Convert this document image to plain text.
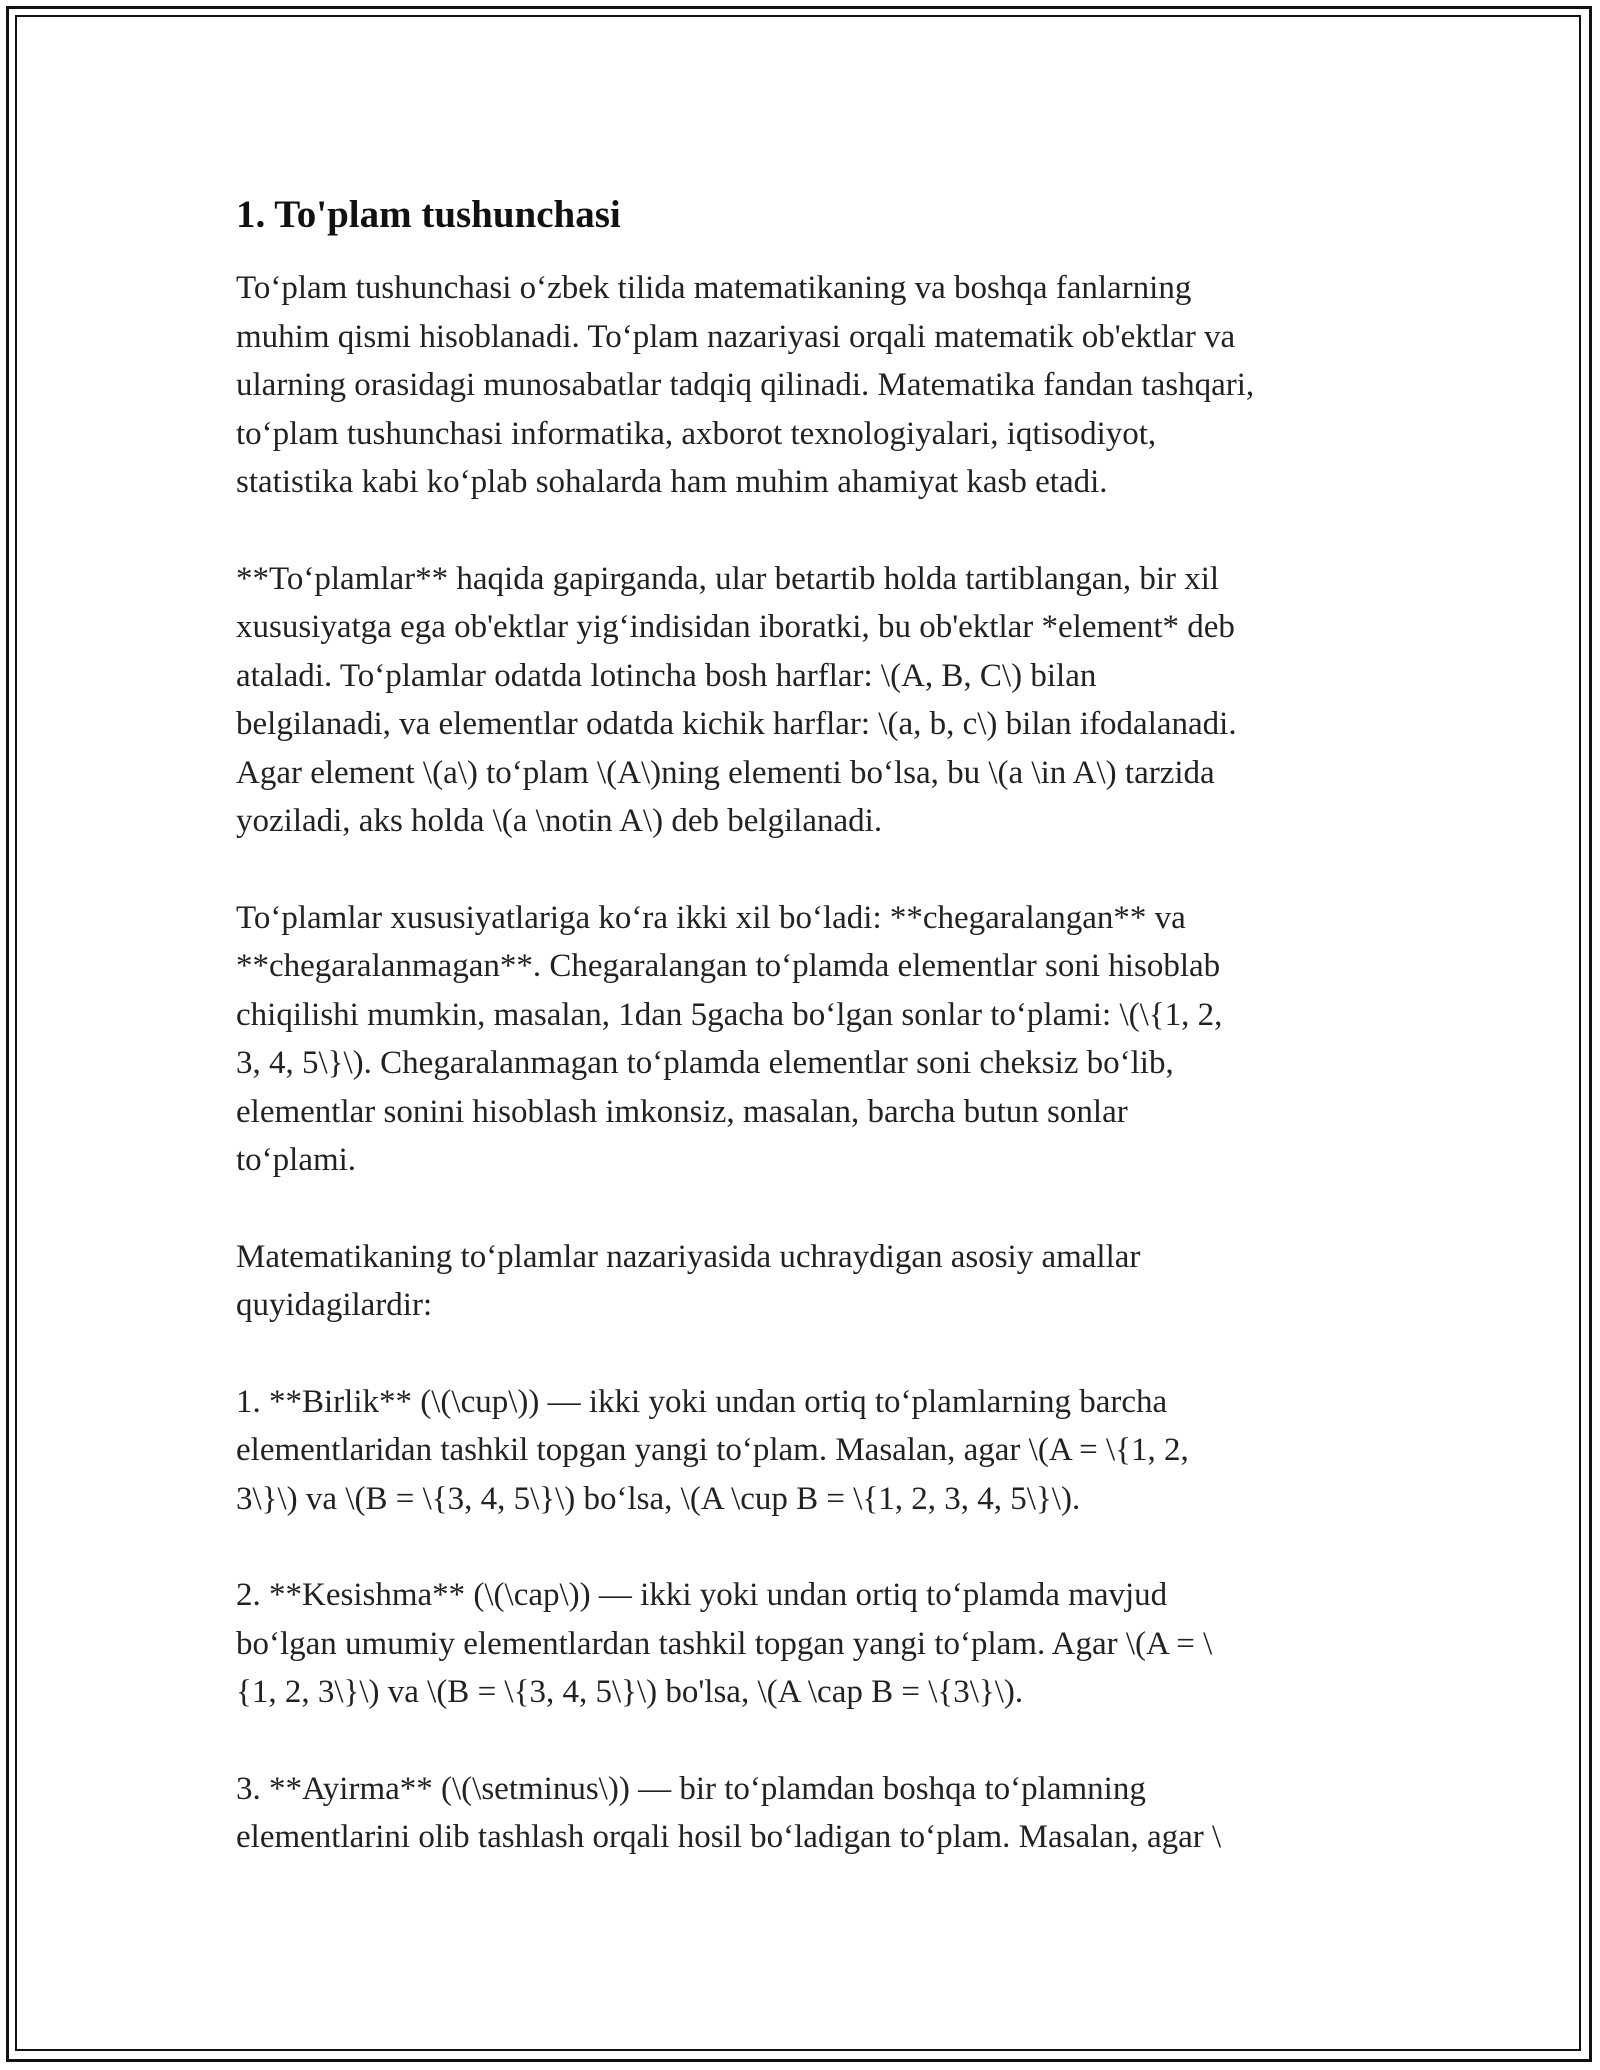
1. To'plam tushunchasi

To‘plam tushunchasi o‘zbek tilida matematikaning va boshqa fanlarning
muhim qismi hisoblanadi. To‘plam nazariyasi orqali matematik ob'ektlar va
ularning orasidagi munosabatlar tadqiq qilinadi. Matematika fandan tashqari,
to‘plam tushunchasi informatika, axborot texnologiyalari, iqtisodiyot,
statistika kabi ko‘plab sohalarda ham muhim ahamiyat kasb etadi.

**To‘plamlar** haqida gapirganda, ular betartib holda tartiblangan, bir xil
xususiyatga ega ob'ektlar yig‘indisidan iboratki, bu ob'ektlar *element* deb
ataladi. To‘plamlar odatda lotincha bosh harflar: \(A, B, C\) bilan
belgilanadi, va elementlar odatda kichik harflar: \(a, b, c\) bilan ifodalanadi.
Agar element \(a\) to‘plam \(A\)ning elementi bo‘lsa, bu \(a \in A\) tarzida
yoziladi, aks holda \(a \notin A\) deb belgilanadi.

To‘plamlar xususiyatlariga ko‘ra ikki xil bo‘ladi: **chegaralangan** va
**chegaralanmagan**. Chegaralangan to‘plamda elementlar soni hisoblab
chiqilishi mumkin, masalan, 1dan 5gacha bo‘lgan sonlar to‘plami: \(\{1, 2,
3, 4, 5\}\). Chegaralanmagan to‘plamda elementlar soni cheksiz bo‘lib,
elementlar sonini hisoblash imkonsiz, masalan, barcha butun sonlar
to‘plami.

Matematikaning to‘plamlar nazariyasida uchraydigan asosiy amallar
quyidagilardir:

1. **Birlik** (\(\cup\)) — ikki yoki undan ortiq to‘plamlarning barcha
elementlaridan tashkil topgan yangi to‘plam. Masalan, agar \(A = \{1, 2,
3\}\) va \(B = \{3, 4, 5\}\) bo‘lsa, \(A \cup B = \{1, 2, 3, 4, 5\}\).

2. **Kesishma** (\(\cap\)) — ikki yoki undan ortiq to‘plamda mavjud
bo‘lgan umumiy elementlardan tashkil topgan yangi to‘plam. Agar \(A = \
{1, 2, 3\}\) va \(B = \{3, 4, 5\}\) bo'lsa, \(A \cap B = \{3\}\).

3. **Ayirma** (\(\setminus\)) — bir to‘plamdan boshqa to‘plamning
elementlarini olib tashlash orqali hosil bo‘ladigan to‘plam. Masalan, agar \
